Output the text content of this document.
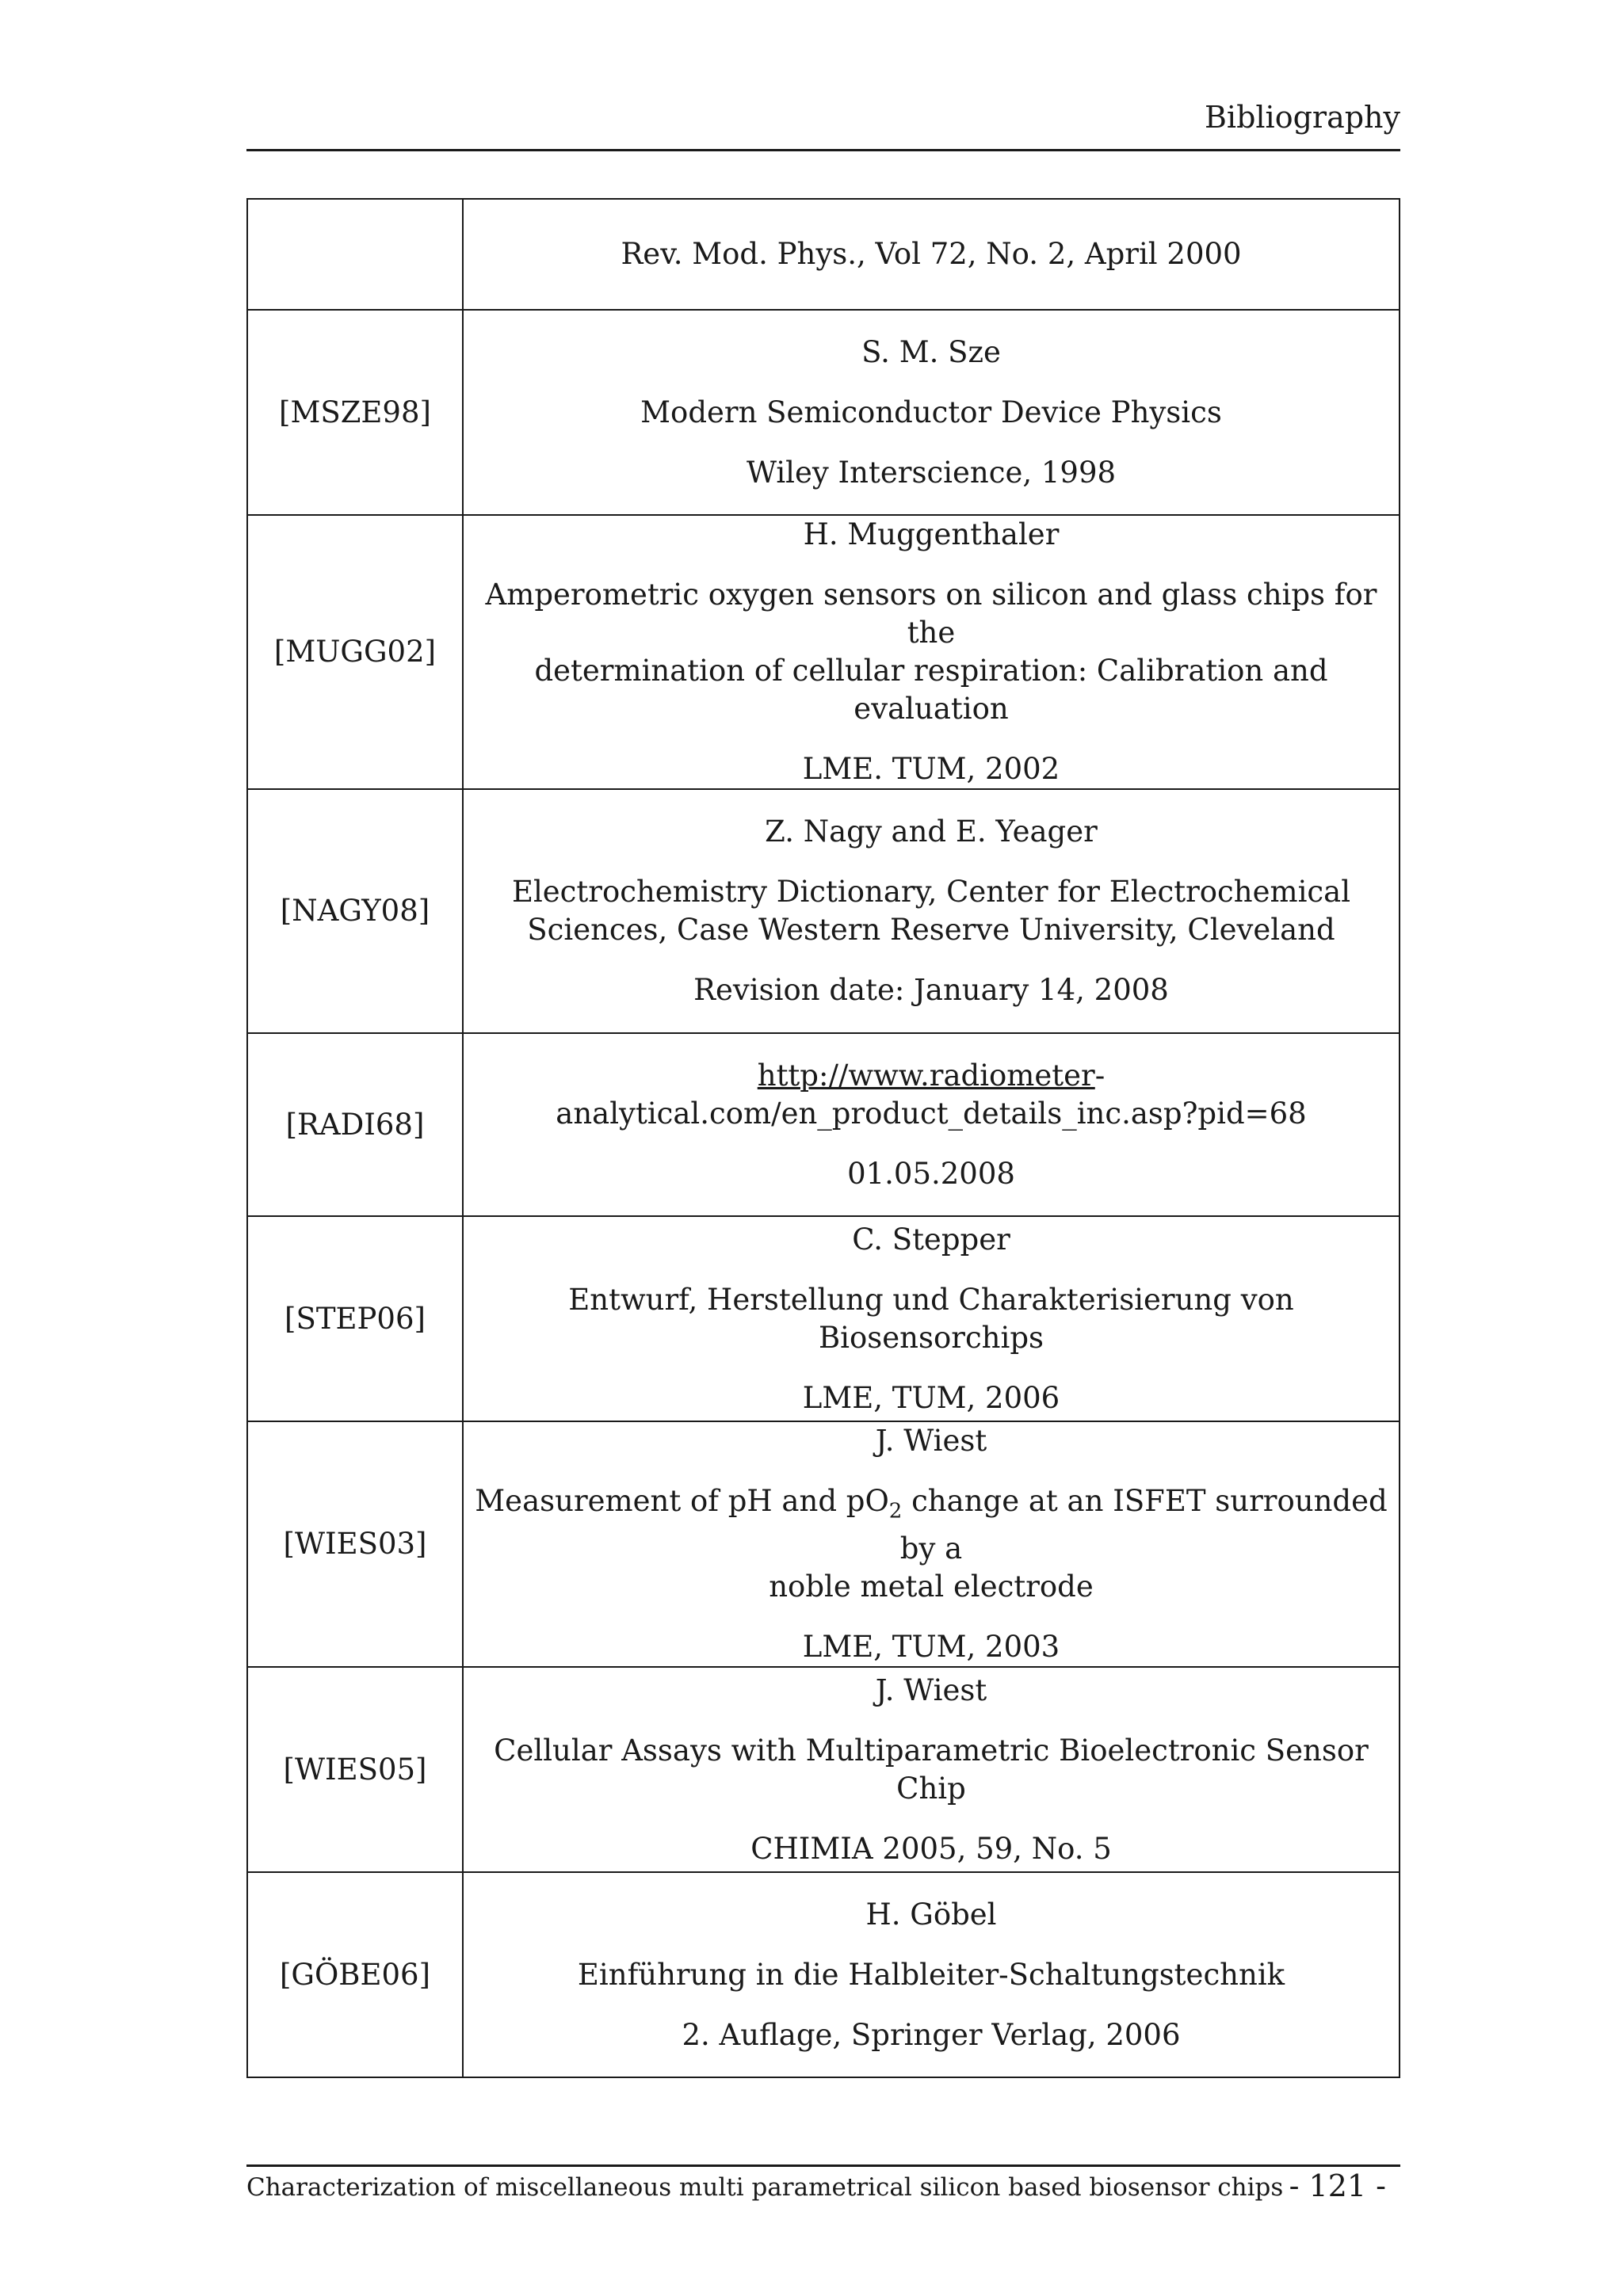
Bibliography

	Rev. Mod. Phys., Vol 72, No. 2, April 2000

[MSZE98]	S. M. Sze
Modern Semiconductor Device Physics
Wiley Interscience, 1998

[MUGG02]	H. Muggenthaler
Amperometric oxygen sensors on silicon and glass chips for the
determination of cellular respiration: Calibration and evaluation
LME. TUM, 2002

[NAGY08]	Z. Nagy and E. Yeager
Electrochemistry Dictionary, Center for Electrochemical
Sciences, Case Western Reserve University, Cleveland
Revision date: January 14, 2008

[RADI68]	http://www.radiometer-
analytical.com/en_product_details_inc.asp?pid=68
01.05.2008

[STEP06]	C. Stepper
Entwurf, Herstellung und Charakterisierung von Biosensorchips
LME, TUM, 2006

[WIES03]	J. Wiest
Measurement of pH and $pO_2$ change at an ISFET surrounded by a
noble metal electrode
LME, TUM, 2003

[WIES05]	J. Wiest
Cellular Assays with Multiparametric Bioelectronic Sensor Chip
CHIMIA 2005, 59, No. 5

[GÖBE06]	H. Göbel
Einführung in die Halbleiter-Schaltungstechnik
2. Auflage, Springer Verlag, 2006
Characterization of miscellaneous multi parametrical silicon based biosensor chips - 121 -
